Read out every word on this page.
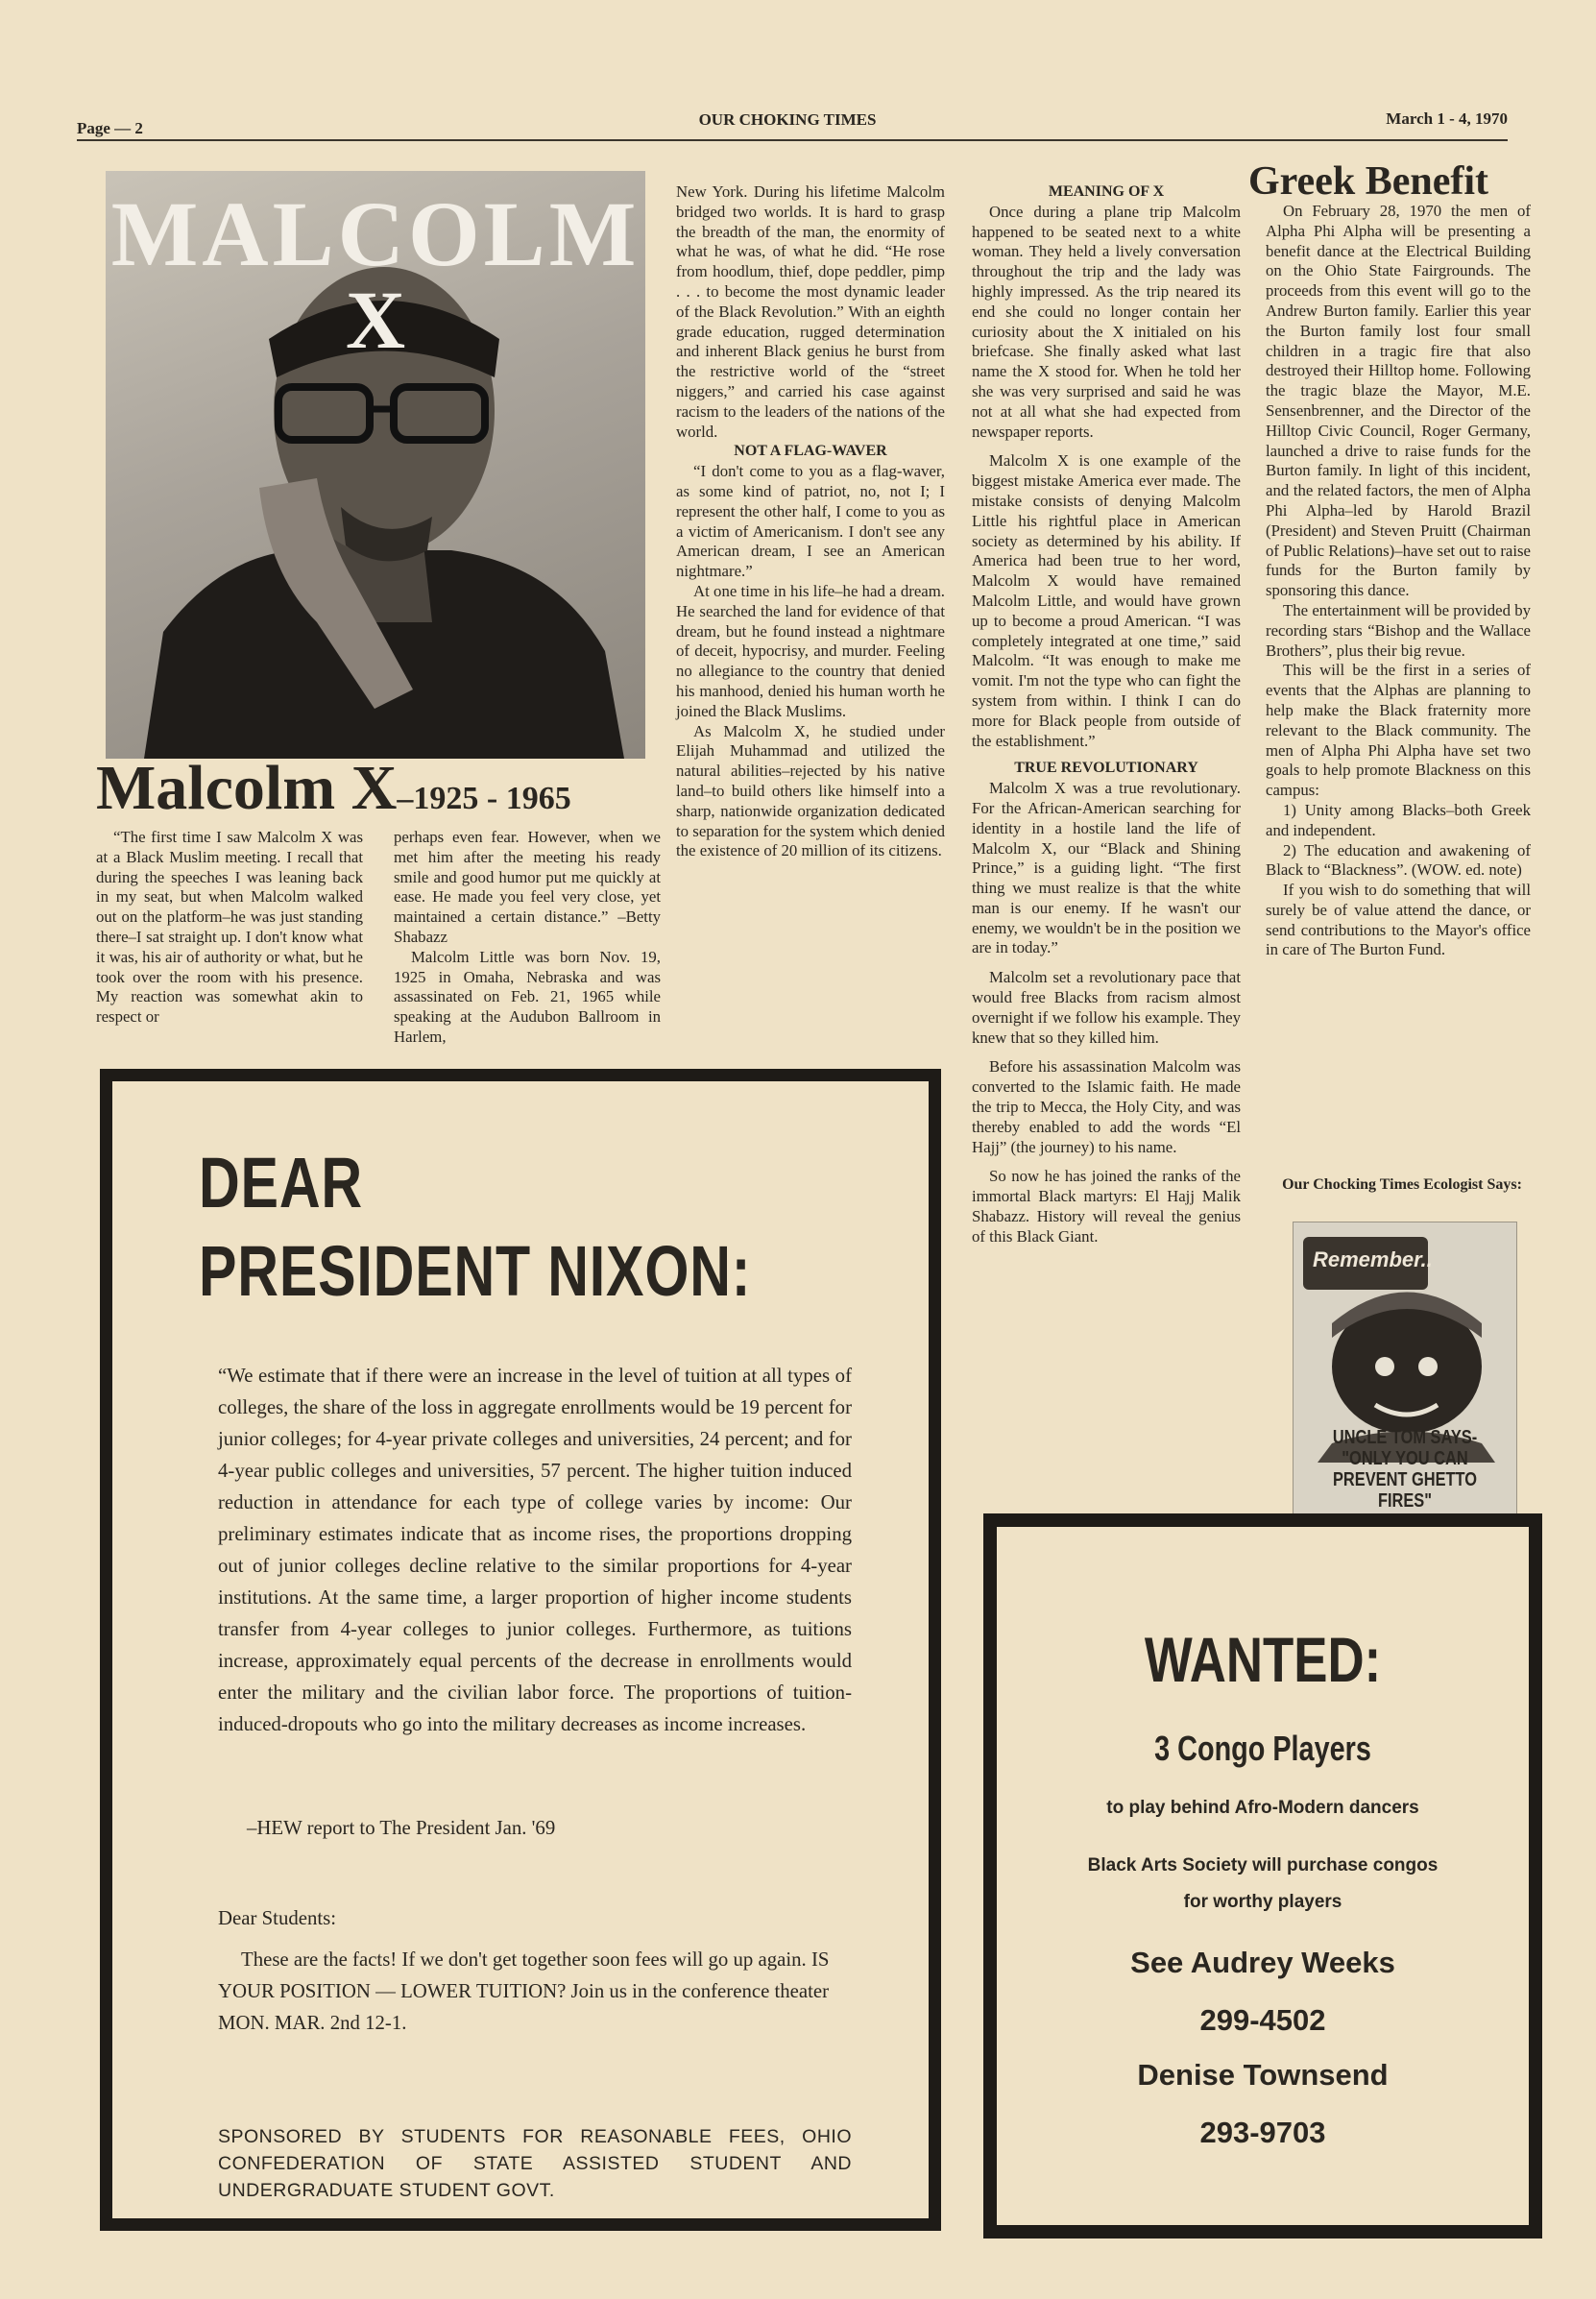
Page — 2	OUR CHOKING TIMES	March 1 - 4, 1970
MALCOLM
X
Malcolm X–1925 - 1965

“The first time I saw Malcolm X was at a Black Muslim meeting. I recall that during the speeches I was leaning back in my seat, but when Malcolm walked out on the platform–he was just standing there–I sat straight up. I don't know what it was, his air of authority or what, but he took over the room with his presence. My reaction was somewhat akin to respect or

perhaps even fear. However, when we met him after the meeting his ready smile and good humor put me quickly at ease. He made you feel very close, yet maintained a certain distance.” –Betty Shabazz

Malcolm Little was born Nov. 19, 1925 in Omaha, Nebraska and was assassinated on Feb. 21, 1965 while speaking at the Audubon Ballroom in Harlem,

New York. During his lifetime Malcolm bridged two worlds. It is hard to grasp the breadth of the man, the enormity of what he was, of what he did. “He rose from hoodlum, thief, dope peddler, pimp . . . to become the most dynamic leader of the Black Revolution.” With an eighth grade education, rugged determination and inherent Black genius he burst from the restrictive world of the “street niggers,” and carried his case against racism to the leaders of the nations of the world.

NOT A FLAG-WAVER

“I don't come to you as a flag-waver, as some kind of patriot, no, not I; I represent the other half, I come to you as a victim of Americanism. I don't see any American dream, I see an American nightmare.”

At one time in his life–he had a dream. He searched the land for evidence of that dream, but he found instead a nightmare of deceit, hypocrisy, and murder. Feeling no allegiance to the country that denied his manhood, denied his human worth he joined the Black Muslims.

As Malcolm X, he studied under Elijah Muhammad and utilized the natural abilities–rejected by his native land–to build others like himself into a sharp, nationwide organization dedicated to separation for the system which denied the existence of 20 million of its citizens.

MEANING OF X

Once during a plane trip Malcolm happened to be seated next to a white woman. They held a lively conversation throughout the trip and the lady was highly impressed. As the trip neared its end she could no longer contain her curiosity about the X initialed on his briefcase. She finally asked what last name the X stood for. When he told her she was very surprised and said he was not at all what she had expected from newspaper reports.

Malcolm X is one example of the biggest mistake America ever made. The mistake consists of denying Malcolm Little his rightful place in American society as determined by his ability. If America had been true to her word, Malcolm X would have remained Malcolm Little, and would have grown up to become a proud American. “I was completely integrated at one time,” said Malcolm. “It was enough to make me vomit. I'm not the type who can fight the system from within. I think I can do more for Black people from outside of the establishment.”

TRUE REVOLUTIONARY

Malcolm X was a true revolutionary. For the African-American searching for identity in a hostile land the life of Malcolm X, our “Black and Shining Prince,” is a guiding light. “The first thing we must realize is that the white man is our enemy. If he wasn't our enemy, we wouldn't be in the position we are in today.”

Malcolm set a revolutionary pace that would free Blacks from racism almost overnight if we follow his example. They knew that so they killed him.

Before his assassination Malcolm was converted to the Islamic faith. He made the trip to Mecca, the Holy City, and was thereby enabled to add the words “El Hajj” (the journey) to his name.

So now he has joined the ranks of the immortal Black martyrs: El Hajj Malik Shabazz. History will reveal the genius of this Black Giant.

Greek Benefit

On February 28, 1970 the men of Alpha Phi Alpha will be presenting a benefit dance at the Electrical Building on the Ohio State Fairgrounds. The proceeds from this event will go to the Andrew Burton family. Earlier this year the Burton family lost four small children in a tragic fire that also destroyed their Hilltop home. Following the tragic blaze the Mayor, M.E. Sensenbrenner, and the Director of the Hilltop Civic Council, Roger Germany, launched a drive to raise funds for the Burton family. In light of this incident, and the related factors, the men of Alpha Phi Alpha–led by Harold Brazil (President) and Steven Pruitt (Chairman of Public Relations)–have set out to raise funds for the Burton family by sponsoring this dance.

The entertainment will be provided by recording stars “Bishop and the Wallace Brothers”, plus their big revue.

This will be the first in a series of events that the Alphas are planning to help make the Black fraternity more relevant to the Black community. The men of Alpha Phi Alpha have set two goals to help promote Blackness on this campus:

1) Unity among Blacks–both Greek and independent.

2) The education and awakening of Black to “Blackness”. (WOW. ed. note)

If you wish to do something that will surely be of value attend the dance, or send contributions to the Mayor's office in care of The Burton Fund.

Our Chocking Times Ecologist Says:
Remember..
UNCLE TOM SAYS-
"ONLY YOU CAN
PREVENT GHETTO FIRES"
DEAR
PRESIDENT NIXON:
“We estimate that if there were an increase in the level of tuition at all types of colleges, the share of the loss in aggregate enrollments would be 19 percent for junior colleges; for 4-year private colleges and universities, 24 percent; and for 4-year public colleges and universities, 57 percent. The higher tuition induced reduction in attendance for each type of college varies by income: Our preliminary estimates indicate that as income rises, the proportions dropping out of junior colleges decline relative to the similar proportions for 4-year institutions. At the same time, a larger proportion of higher income students transfer from 4-year colleges to junior colleges. Furthermore, as tuitions increase, approximately equal percents of the decrease in enrollments would enter the military and the civilian labor force. The proportions of tuition-induced-dropouts who go into the military decreases as income increases.
–HEW report to The President Jan. '69
Dear Students:
These are the facts! If we don't get together soon fees will go up again. IS YOUR POSITION — LOWER TUITION? Join us in the conference theater MON. MAR. 2nd 12-1.
SPONSORED BY STUDENTS FOR REASONABLE FEES, OHIO CONFEDERATION OF STATE ASSISTED STUDENT AND UNDERGRADUATE STUDENT GOVT.
WANTED:
3 Congo Players
to play behind Afro-Modern dancers
Black Arts Society will purchase congos
for worthy players
See Audrey Weeks
299-4502
Denise Townsend
293-9703
